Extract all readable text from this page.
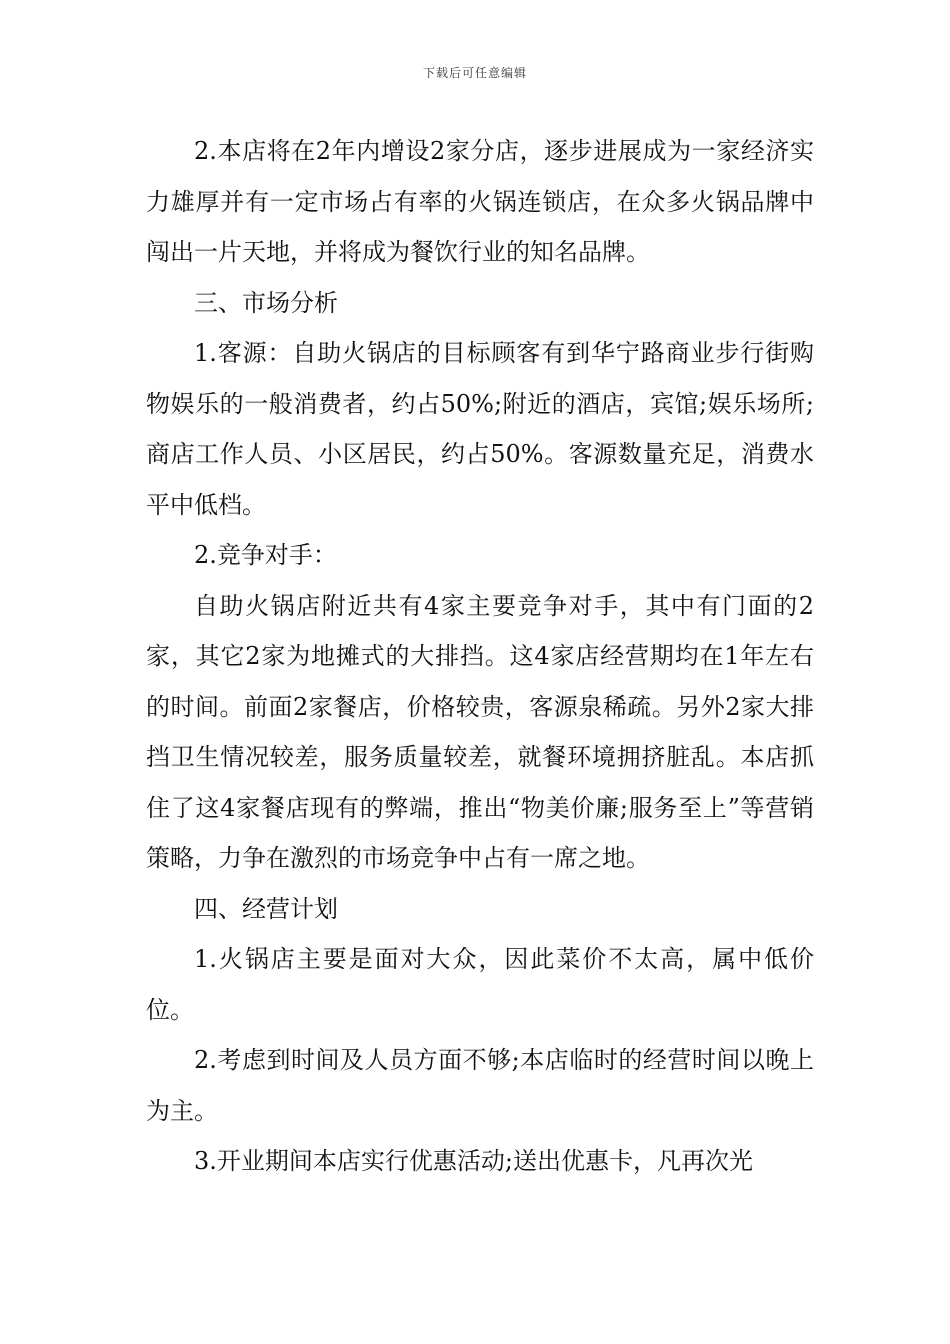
下载后可任意编辑

2.本店将在2年内增设2家分店，逐步进展成为一家经济实力雄厚并有一定市场占有率的火锅连锁店，在众多火锅品牌中闯出一片天地，并将成为餐饮行业的知名品牌。

三、市场分析

1.客源：自助火锅店的目标顾客有到华宁路商业步行街购物娱乐的一般消费者，约占50%;附近的酒店，宾馆;娱乐场所;商店工作人员、小区居民，约占50%。客源数量充足，消费水平中低档。

2.竞争对手：

自助火锅店附近共有4家主要竞争对手，其中有门面的2家，其它2家为地摊式的大排挡。这4家店经营期均在1年左右的时间。前面2家餐店，价格较贵，客源泉稀疏。另外2家大排挡卫生情况较差，服务质量较差，就餐环境拥挤脏乱。本店抓住了这4家餐店现有的弊端，推出“物美价廉;服务至上”等营销策略，力争在激烈的市场竞争中占有一席之地。

四、经营计划

1.火锅店主要是面对大众，因此菜价不太高，属中低价位。

2.考虑到时间及人员方面不够;本店临时的经营时间以晚上为主。

3.开业期间本店实行优惠活动;送出优惠卡，凡再次光
